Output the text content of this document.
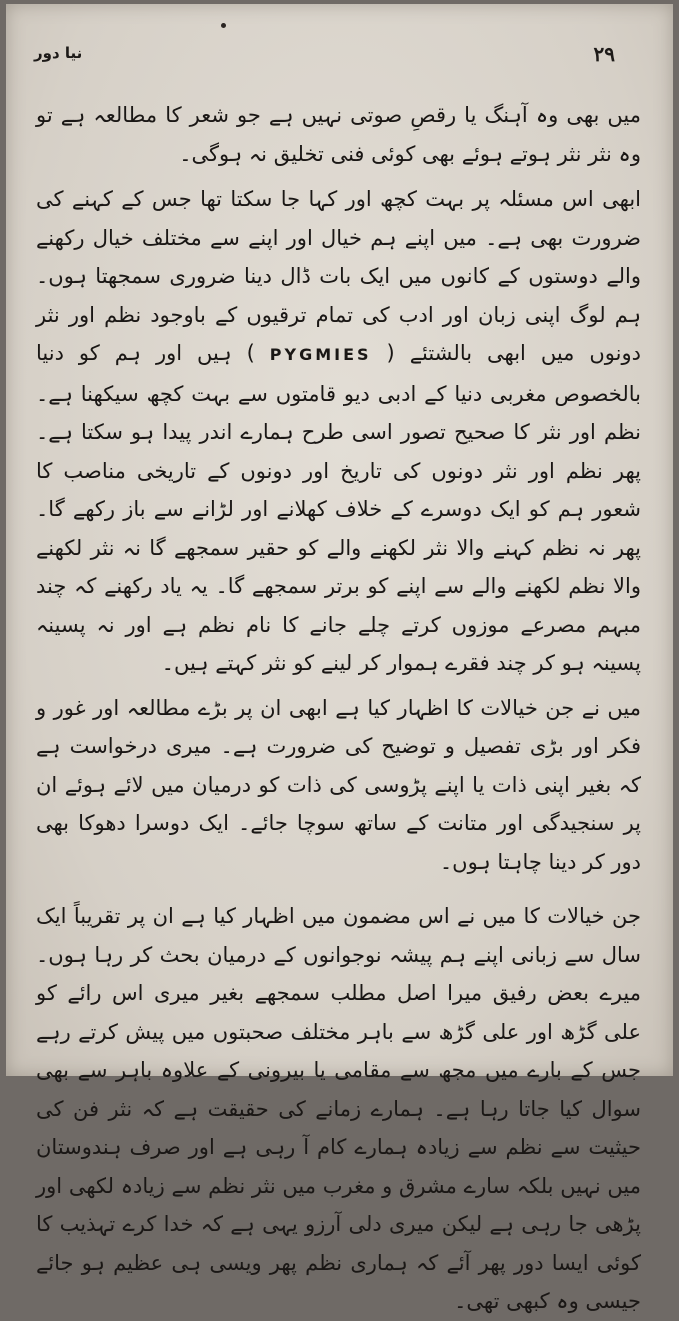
نیا دور	۲۹

میں بھی وہ آہنگ یا رقصِ صوتی نہیں ہے جو شعر کا مطالعہ ہے تو وہ نثر نثر ہوتے ہوئے بھی کوئی فنی تخلیق نہ ہوگی۔

ابھی اس مسئلہ پر بہت کچھ اور کہا جا سکتا تھا جس کے کہنے کی ضرورت بھی ہے۔ میں اپنے ہم خیال اور اپنے سے مختلف خیال رکھنے والے دوستوں کے کانوں میں ایک بات ڈال دینا ضروری سمجھتا ہوں۔ ہم لوگ اپنی زبان اور ادب کی تمام ترقیوں کے باوجود نظم اور نثر دونوں میں ابھی بالشتئے ( PYGMIES ) ہیں اور ہم کو دنیا بالخصوص مغربی دنیا کے ادبی دیو قامتوں سے بہت کچھ سیکھنا ہے۔ نظم اور نثر کا صحیح تصور اسی طرح ہمارے اندر پیدا ہو سکتا ہے۔ پھر نظم اور نثر دونوں کی تاریخ اور دونوں کے تاریخی مناصب کا شعور ہم کو ایک دوسرے کے خلاف کھلانے اور لڑانے سے باز رکھے گا۔ پھر نہ نظم کہنے والا نثر لکھنے والے کو حقیر سمجھے گا نہ نثر لکھنے والا نظم لکھنے والے سے اپنے کو برتر سمجھے گا۔ یہ یاد رکھنے کہ چند مبہم مصرعے موزوں کرتے چلے جانے کا نام نظم ہے اور نہ پسینہ پسینہ ہو کر چند فقرے ہموار کر لینے کو نثر کہتے ہیں۔

میں نے جن خیالات کا اظہار کیا ہے ابھی ان پر بڑے مطالعہ اور غور و فکر اور بڑی تفصیل و توضیح کی ضرورت ہے۔ میری درخواست ہے کہ بغیر اپنی ذات یا اپنے پڑوسی کی ذات کو درمیان میں لائے ہوئے ان پر سنجیدگی اور متانت کے ساتھ سوچا جائے۔ ایک دوسرا دھوکا بھی دور کر دینا چاہتا ہوں۔

جن خیالات کا میں نے اس مضمون میں اظہار کیا ہے ان پر تقریباً ایک سال سے زبانی اپنے ہم پیشہ نوجوانوں کے درمیان بحث کر رہا ہوں۔ میرے بعض رفیق میرا اصل مطلب سمجھے بغیر میری اس رائے کو علی گڑھ اور علی گڑھ سے باہر مختلف صحبتوں میں پیش کرتے رہے جس کے بارے میں مجھ سے مقامی یا بیرونی کے علاوہ باہر سے بھی سوال کیا جاتا رہا ہے۔ ہمارے زمانے کی حقیقت ہے کہ نثر فن کی حیثیت سے نظم سے زیادہ ہمارے کام آ رہی ہے اور صرف ہندوستان میں نہیں بلکہ سارے مشرق و مغرب میں نثر نظم سے زیادہ لکھی اور پڑھی جا رہی ہے لیکن میری دلی آرزو یہی ہے کہ خدا کرے تہذیب کا کوئی ایسا دور پھر آئے کہ ہماری نظم پھر ویسی ہی عظیم ہو جائے جیسی وہ کبھی تھی۔
